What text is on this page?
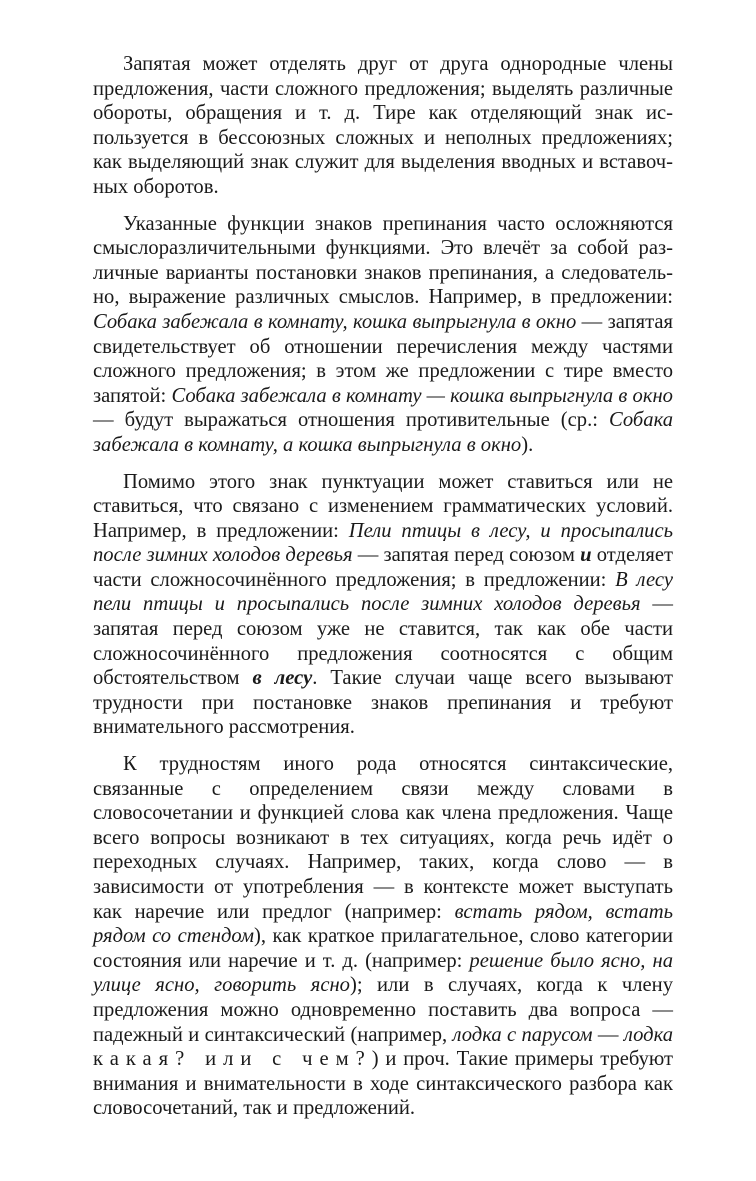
Запятая может отделять друг от друга однородные члены предложения, части сложного предложения; выделять различные обороты, обращения и т. д. Тире как отделяющий знак используется в бессоюзных сложных и неполных предложениях; как выделяющий знак служит для выделения вводных и вставочных оборотов.

Указанные функции знаков препинания часто осложняются смыслоразличительными функциями. Это влечёт за собой различные варианты постановки знаков препинания, а следовательно, выражение различных смыслов. Например, в предложении: Собака забежала в комнату, кошка выпрыгнула в окно — запятая свидетельствует об отношении перечисления между частями сложного предложения; в этом же предложении с тире вместо запятой: Собака забежала в комнату — кошка выпрыгнула в окно — будут выражаться отношения противительные (ср.: Собака забежала в комнату, а кошка выпрыгнула в окно).

Помимо этого знак пунктуации может ставиться или не ставиться, что связано с изменением грамматических условий. Например, в предложении: Пели птицы в лесу, и просыпались после зимних холодов деревья — запятая перед союзом и отделяет части сложносочинённого предложения; в предложении: В лесу пели птицы и просыпались после зимних холодов деревья — запятая перед союзом уже не ставится, так как обе части сложносочинённого предложения соотносятся с общим обстоятельством в лесу. Такие случаи чаще всего вызывают трудности при постановке знаков препинания и требуют внимательного рассмотрения.

К трудностям иного рода относятся синтаксические, связанные с определением связи между словами в словосочетании и функцией слова как члена предложения. Чаще всего вопросы возникают в тех ситуациях, когда речь идёт о переходных случаях. Например, таких, когда слово — в зависимости от употребления — в контексте может выступать как наречие или предлог (например: встать рядом, встать рядом со стендом), как краткое прилагательное, слово категории состояния или наречие и т. д. (например: решение было ясно, на улице ясно, говорить ясно); или в случаях, когда к члену предложения можно одновременно поставить два вопроса — падежный и синтаксический (например, лодка с парусом — лодка какая? или с чем?) и проч. Такие примеры требуют внимания и внимательности в ходе синтаксического разбора как словосочетаний, так и предложений.
